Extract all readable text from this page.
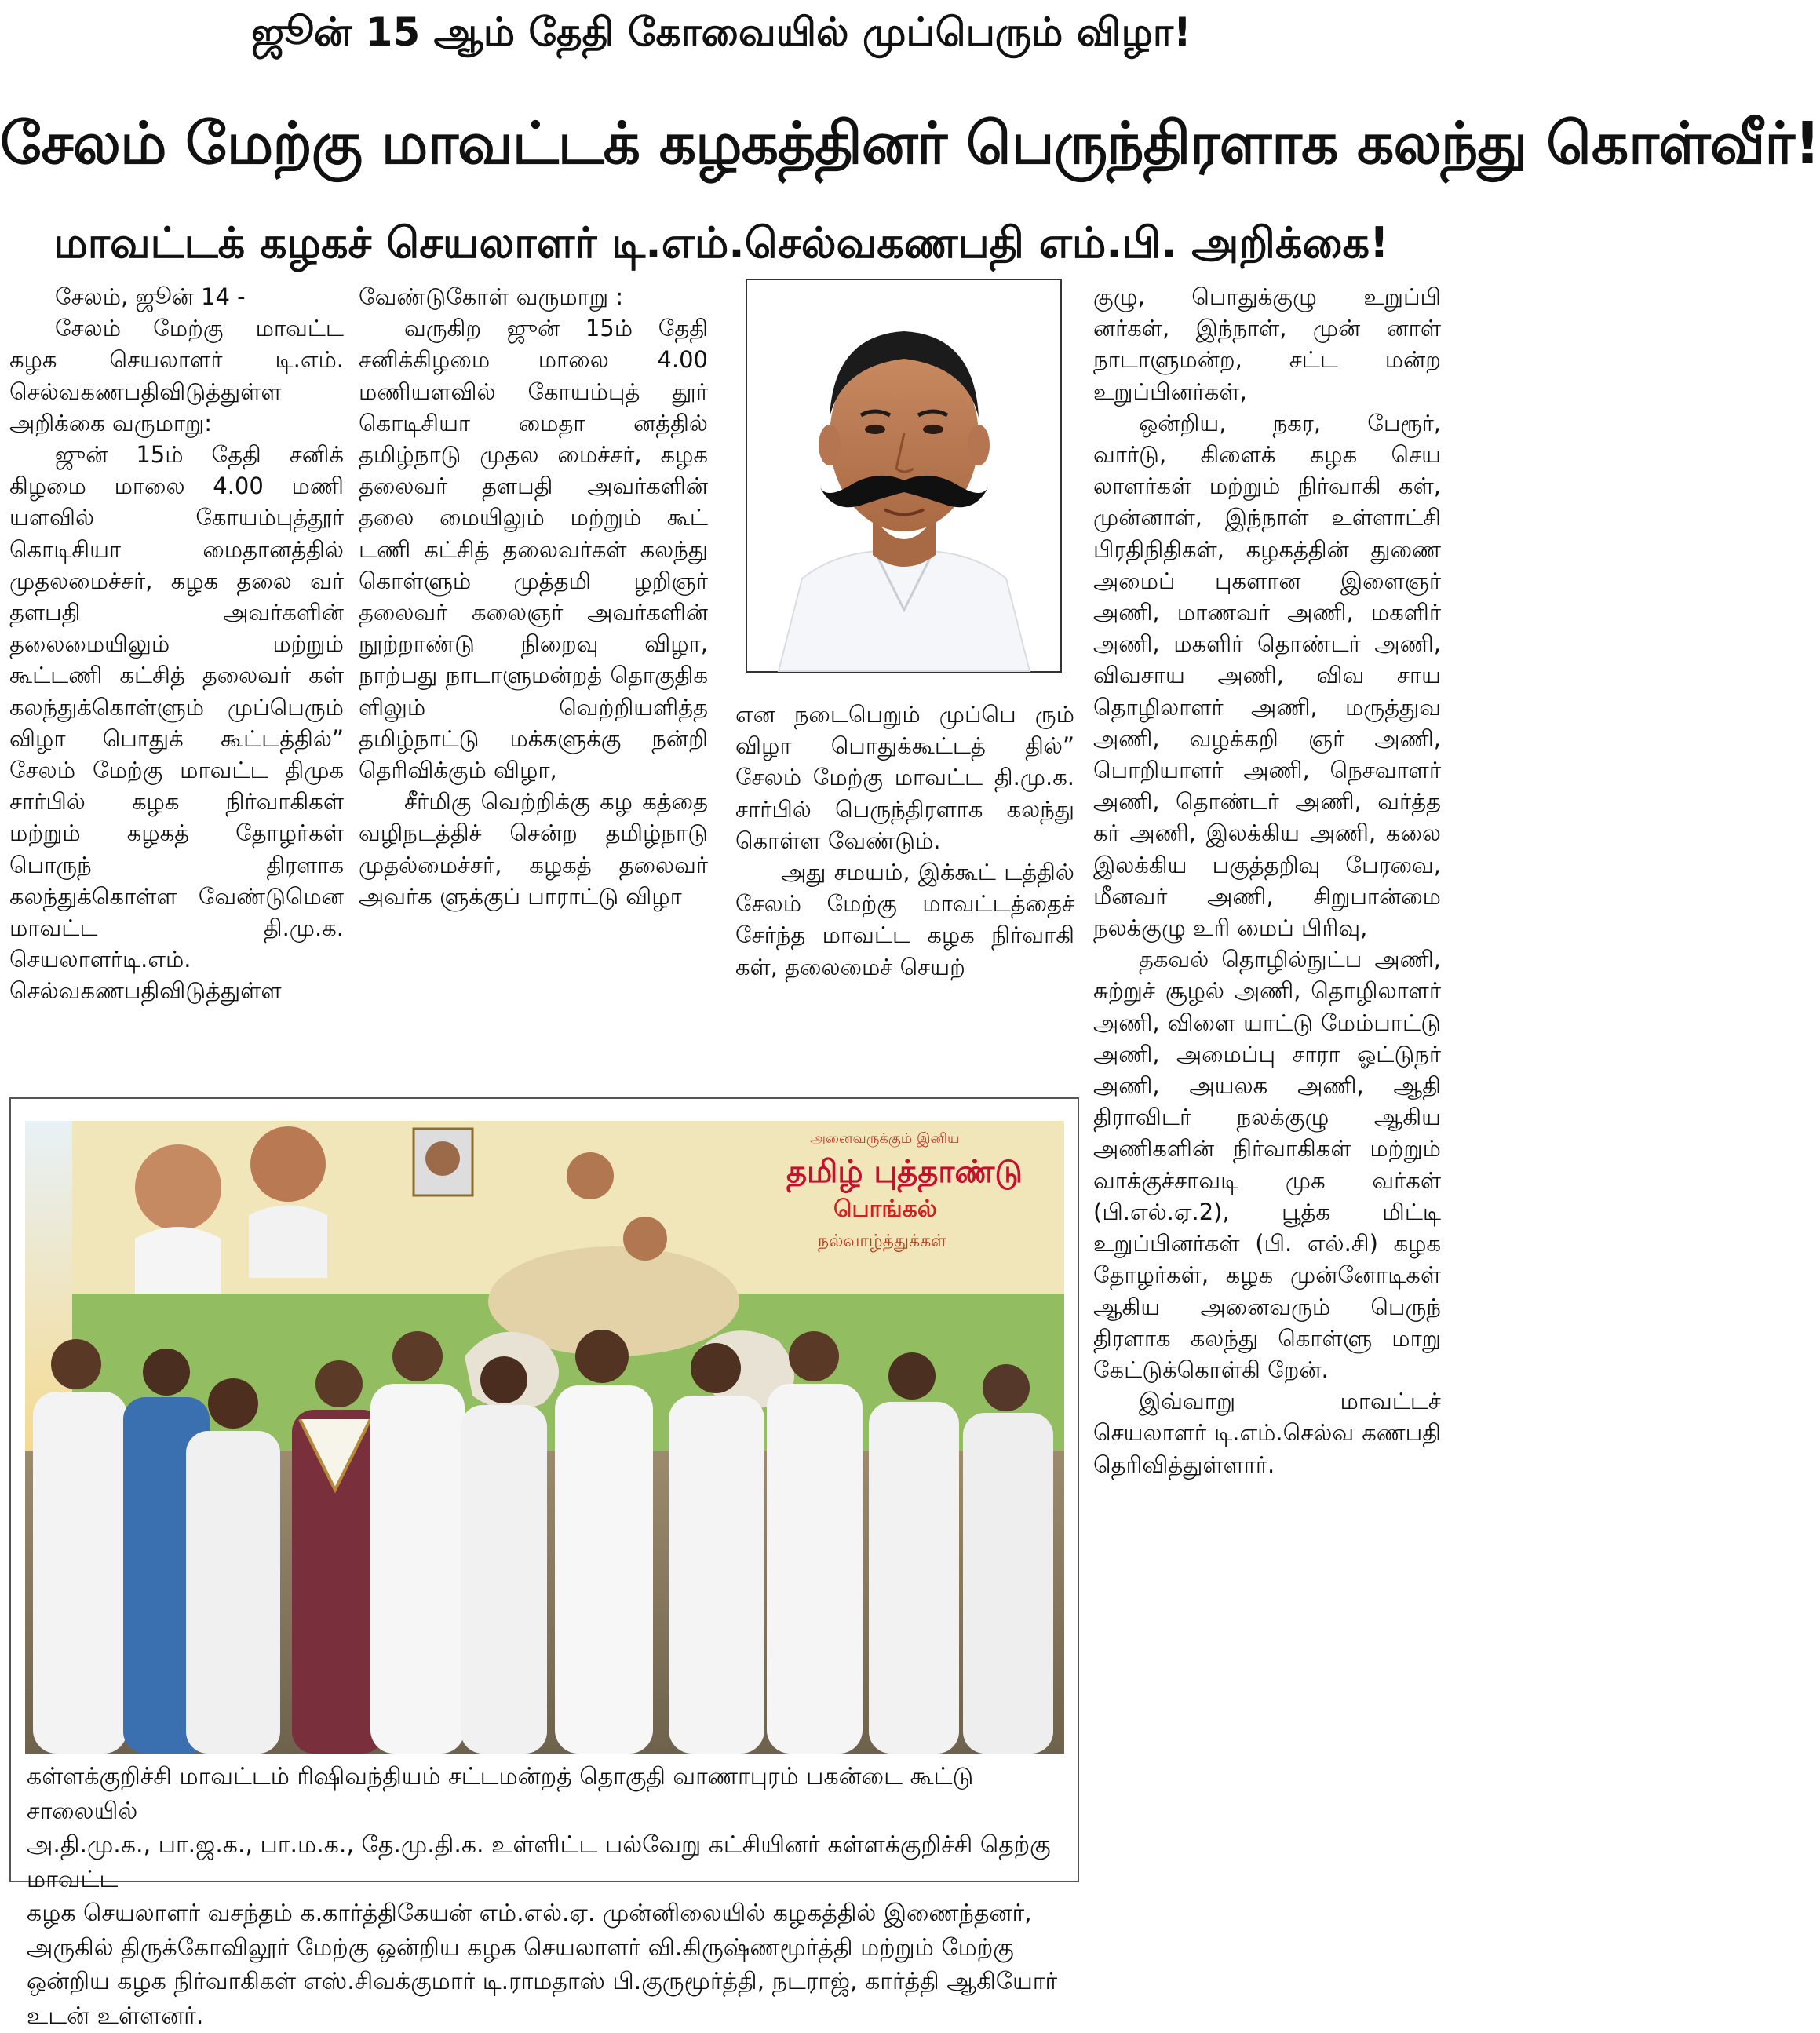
ஜூன் 15 ஆம் தேதி கோவையில் முப்பெரும் விழா!
சேலம் மேற்கு மாவட்டக் கழகத்தினர் பெருந்திரளாக கலந்து கொள்வீர்!
மாவட்டக் கழகச் செயலாளர் டி.எம்.செல்வகணபதி எம்.பி. அறிக்கை!

சேலம், ஜூன் 14 -

சேலம் மேற்கு மாவட்ட கழக செயலாளர் டி.எம். செல்வகணபதிவிடுத்துள்ள அறிக்கை வருமாறு:

ஜுன் 15ம் தேதி சனிக் கிழமை மாலை 4.00 மணி யளவில் கோயம்புத்தூர் கொடிசியா மைதானத்தில் முதலமைச்சர், கழக தலை வர் தளபதி அவர்களின் தலைமையிலும் மற்றும் கூட்டணி கட்சித் தலைவர் கள் கலந்துக்கொள்ளும் முப்பெரும் விழா பொதுக் கூட்டத்தில்” சேலம் மேற்கு மாவட்ட திமுக சார்பில் கழக நிர்வாகிகள் மற்றும் கழகத் தோழர்கள் பொருந் திரளாக கலந்துக்கொள்ள வேண்டுமென மாவட்ட தி.மு.க. செயலாளர்டி.எம். செல்வகணபதிவிடுத்துள்ள

வேண்டுகோள் வருமாறு :

வருகிற ஜுன் 15ம் தேதி சனிக்கிழமை மாலை 4.00 மணியளவில் கோயம்புத் தூர் கொடிசியா மைதா னத்தில் தமிழ்நாடு முதல மைச்சர், கழக தலைவர் தளபதி அவர்களின் தலை மையிலும் மற்றும் கூட் டணி கட்சித் தலைவர்கள் கலந்து கொள்ளும் முத்தமி ழறிஞர் தலைவர் கலைஞர் அவர்களின் நூற்றாண்டு நிறைவு விழா, நாற்பது நாடாளுமன்றத் தொகுதிக ளிலும் வெற்றியளித்த தமிழ்நாட்டு மக்களுக்கு நன்றி தெரிவிக்கும் விழா,

சீர்மிகு வெற்றிக்கு கழ கத்தை வழிநடத்திச் சென்ற தமிழ்நாடு முதல்மைச்சர், கழகத் தலைவர் அவர்க ளுக்குப் பாராட்டு விழா

என நடைபெறும் முப்பெ ரும் விழா பொதுக்கூட்டத் தில்” சேலம் மேற்கு மாவட்ட தி.மு.க. சார்பில் பெருந்திரளாக கலந்து கொள்ள வேண்டும்.

அது சமயம், இக்கூட் டத்தில் சேலம் மேற்கு மாவட்டத்தைச் சேர்ந்த மாவட்ட கழக நிர்வாகி கள், தலைமைச் செயற்

குழு, பொதுக்குழு உறுப்பி னர்கள், இந்நாள், முன் னாள் நாடாளுமன்ற, சட்ட மன்ற உறுப்பினர்கள்,

ஒன்றிய, நகர, பேரூர், வார்டு, கிளைக் கழக செய லாளர்கள் மற்றும் நிர்வாகி கள், முன்னாள், இந்நாள் உள்ளாட்சி பிரதிநிதிகள், கழகத்தின் துணை அமைப் புகளான இளைஞர் அணி, மாணவர் அணி, மகளிர் அணி, மகளிர் தொண்டர் அணி, விவசாய அணி, விவ சாய தொழிலாளர் அணி, மருத்துவ அணி, வழக்கறி ஞர் அணி, பொறியாளர் அணி, நெசவாளர் அணி, தொண்டர் அணி, வர்த்த கர் அணி, இலக்கிய அணி, கலை இலக்கிய பகுத்தறிவு பேரவை, மீனவர் அணி, சிறுபான்மை நலக்குழு உரி மைப் பிரிவு,

தகவல் தொழில்நுட்ப அணி, சுற்றுச் சூழல் அணி, தொழிலாளர் அணி, விளை யாட்டு மேம்பாட்டு அணி, அமைப்பு சாரா ஓட்டுநர் அணி, அயலக அணி, ஆதி திராவிடர் நலக்குழு ஆகிய அணிகளின் நிர்வாகிகள் மற்றும் வாக்குச்சாவடி முக வர்கள் (பி.எல்.ஏ.2), பூத்க மிட்டி உறுப்பினர்கள் (பி. எல்.சி) கழக தோழர்கள், கழக முன்னோடிகள் ஆகிய அனைவரும் பெருந் திரளாக கலந்து கொள்ளு மாறு கேட்டுக்கொள்கி றேன்.

இவ்வாறு மாவட்டச் செயலாளர் டி.எம்.செல்வ கணபதி தெரிவித்துள்ளார்.

அனைவருக்கும் இனிய
தமிழ் புத்தாண்டு
பொங்கல்
நல்வாழ்த்துக்கள்

கள்ளக்குறிச்சி மாவட்டம் ரிஷிவந்தியம் சட்டமன்றத் தொகுதி வாணாபுரம் பகன்டை கூட்டு சாலையில்

அ.தி.மு.க., பா.ஜ.க., பா.ம.க., தே.மு.தி.க. உள்ளிட்ட பல்வேறு கட்சியினர் கள்ளக்குறிச்சி தெற்கு மாவட்ட

கழக செயலாளர் வசந்தம் க.கார்த்திகேயன் எம்.எல்.ஏ. முன்னிலையில் கழகத்தில் இணைந்தனர்,

அருகில் திருக்கோவிலூர் மேற்கு ஒன்றிய கழக செயலாளர் வி.கிருஷ்ணமூர்த்தி மற்றும் மேற்கு

ஒன்றிய கழக நிர்வாகிகள் எஸ்.சிவக்குமார் டி.ராமதாஸ் பி.குருமூர்த்தி, நடராஜ், கார்த்தி ஆகியோர்

உடன் உள்ளனர்.
